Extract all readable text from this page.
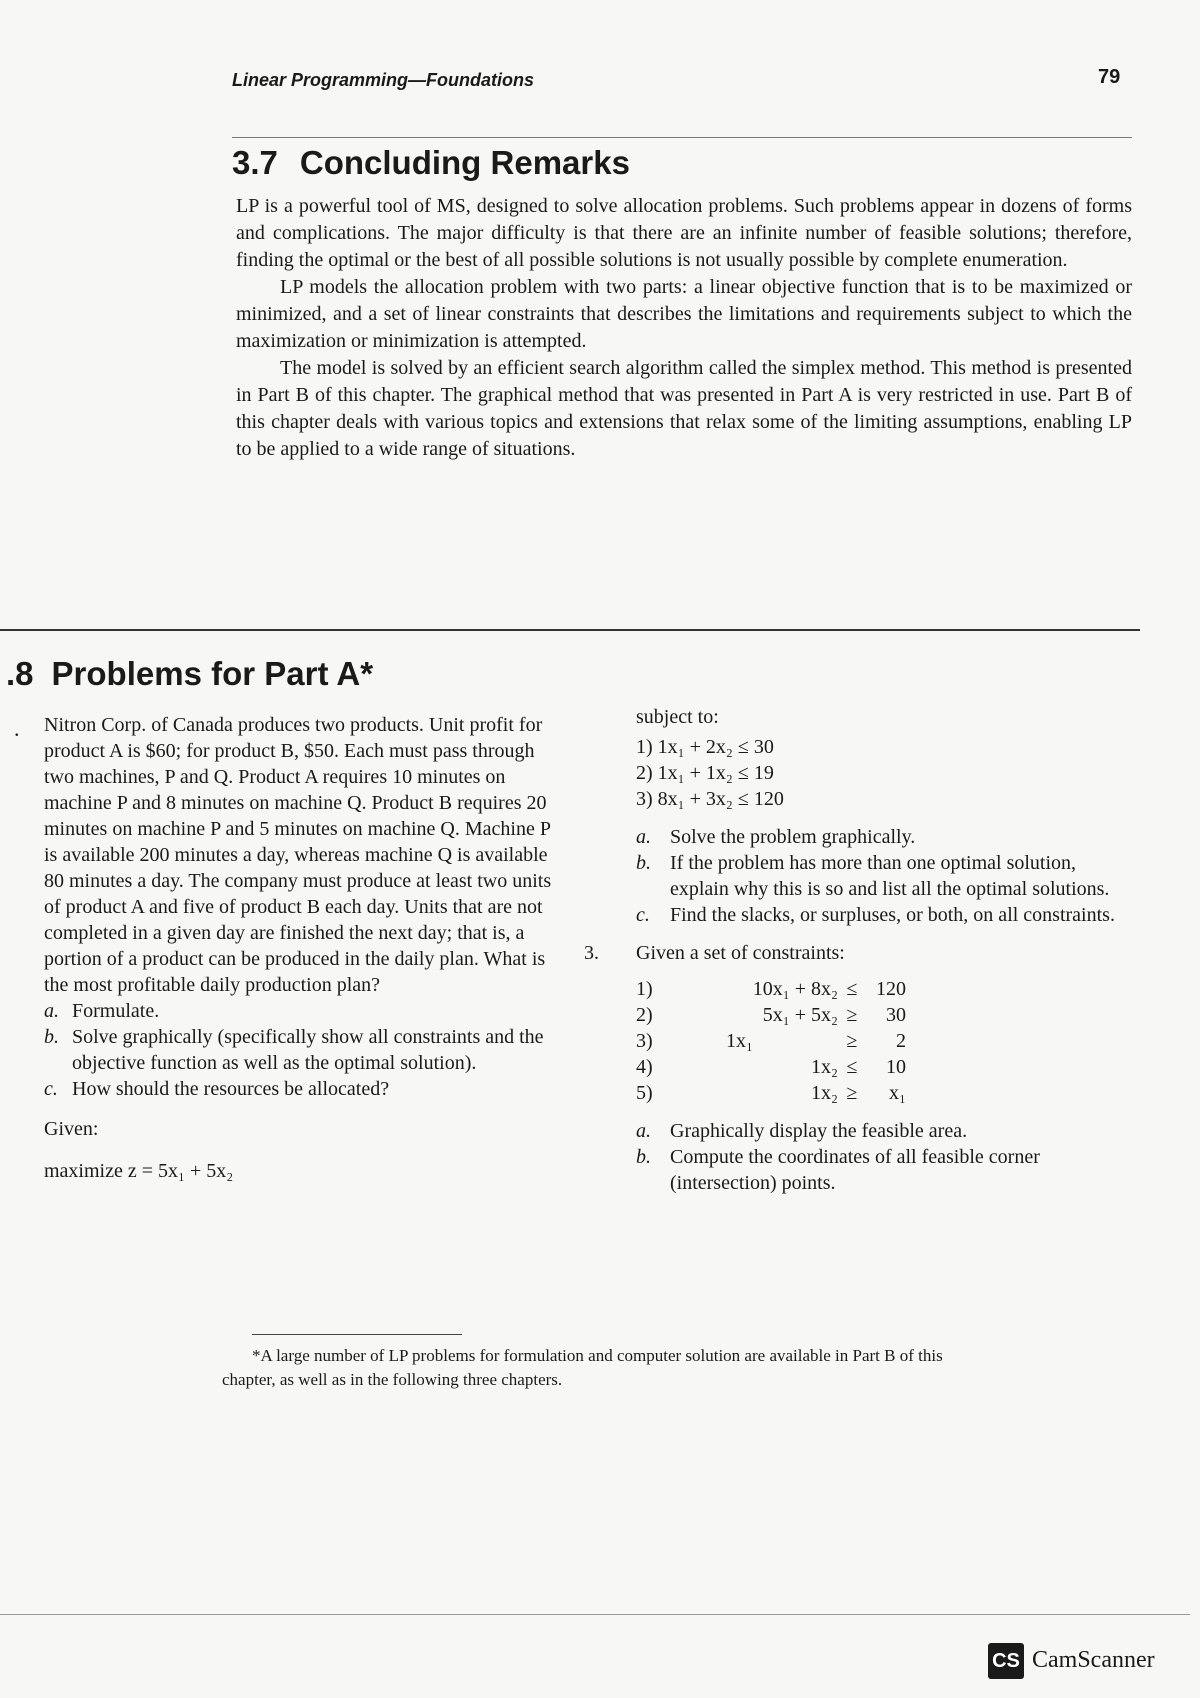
Linear Programming—Foundations	79
3.7 Concluding Remarks

LP is a powerful tool of MS, designed to solve allocation problems. Such problems appear in dozens of forms and complications. The major difficulty is that there are an infinite number of feasible solutions; therefore, finding the optimal or the best of all possible solutions is not usually possible by complete enumeration.

LP models the allocation problem with two parts: a linear objective function that is to be maximized or minimized, and a set of linear constraints that describes the limitations and requirements subject to which the maximization or minimization is attempted.

The model is solved by an efficient search algorithm called the simplex method. This method is presented in Part B of this chapter. The graphical method that was presented in Part A is very restricted in use. Part B of this chapter deals with various topics and extensions that relax some of the limiting assumptions, enabling LP to be applied to a wide range of situations.

.8 Problems for Part A*
. Nitron Corp. of Canada produces two products. Unit profit for product A is $60; for product B, $50. Each must pass through two machines, P and Q. Product A requires 10 minutes on machine P and 8 minutes on machine Q. Product B requires 20 minutes on machine P and 5 minutes on machine Q. Machine P is available 200 minutes a day, whereas machine Q is available 80 minutes a day. The company must produce at least two units of product A and five of product B each day. Units that are not completed in a given day are finished the next day; that is, a portion of a product can be produced in the daily plan. What is the most profitable daily production plan?

a. Formulate.
b. Solve graphically (specifically show all constraints and the objective function as well as the optimal solution).
c. How should the resources be allocated?

Given:

maximize z = 5x₁ + 5x₂

subject to:

1) 1x₁ + 2x₂ ≤ 30
2) 1x₁ + 1x₂ ≤ 19
3) 8x₁ + 3x₂ ≤ 120
a. Solve the problem graphically.
b. If the problem has more than one optimal solution, explain why this is so and list all the optimal solutions.
c.	Find the slacks, or surpluses, or both, on all constraints.
3.	Given a set of constraints:
1)	10x₁ + 8x₂ ≤ 120
2)	5x₁ + 5x₂ ≥	30
3)	1x₁	≥	2
4)	1x₂ ≤	10
5)	1x₂ ≥	x₁
a. Graphically display the feasible area.
b. Compute the coordinates of all feasible corner (intersection) points.
*A large number of LP problems for formulation and computer solution are available in Part B of this
chapter, as well as in the following three chapters.
CS CamScanner
